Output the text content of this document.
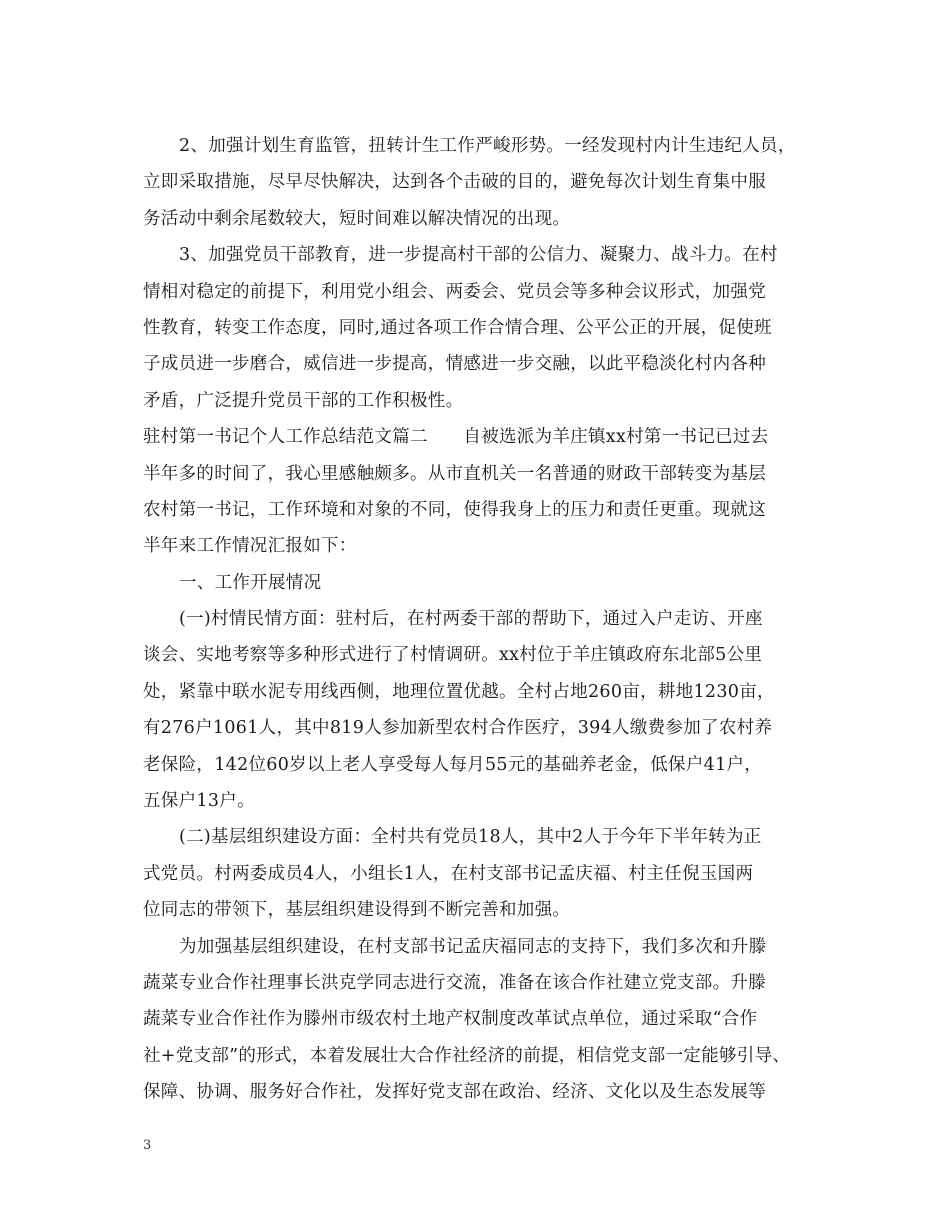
2、加强计划生育监管，扭转计生工作严峻形势。一经发现村内计生违纪人员，
立即采取措施，尽早尽快解决，达到各个击破的目的，避免每次计划生育集中服
务活动中剩余尾数较大，短时间难以解决情况的出现。
3、加强党员干部教育，进一步提高村干部的公信力、凝聚力、战斗力。在村
情相对稳定的前提下，利用党小组会、两委会、党员会等多种会议形式，加强党
性教育，转变工作态度，同时,通过各项工作合情合理、公平公正的开展，促使班
子成员进一步磨合，威信进一步提高，情感进一步交融，以此平稳淡化村内各种
矛盾，广泛提升党员干部的工作积极性。
驻村第一书记个人工作总结范文篇二　　自被选派为羊庄镇xx村第一书记已过去
半年多的时间了，我心里感触颇多。从市直机关一名普通的财政干部转变为基层
农村第一书记，工作环境和对象的不同，使得我身上的压力和责任更重。现就这
半年来工作情况汇报如下：
一、工作开展情况
(一)村情民情方面：驻村后，在村两委干部的帮助下，通过入户走访、开座
谈会、实地考察等多种形式进行了村情调研。xx村位于羊庄镇政府东北部5公里
处，紧靠中联水泥专用线西侧，地理位置优越。全村占地260亩，耕地1230亩，
有276户1061人，其中819人参加新型农村合作医疗，394人缴费参加了农村养
老保险，142位60岁以上老人享受每人每月55元的基础养老金，低保户41户，
五保户13户。
(二)基层组织建设方面：全村共有党员18人，其中2人于今年下半年转为正
式党员。村两委成员4人，小组长1人，在村支部书记孟庆福、村主任倪玉国两
位同志的带领下，基层组织建设得到不断完善和加强。
为加强基层组织建设，在村支部书记孟庆福同志的支持下，我们多次和升滕
蔬菜专业合作社理事长洪克学同志进行交流，准备在该合作社建立党支部。升滕
蔬菜专业合作社作为滕州市级农村土地产权制度改革试点单位，通过采取“合作
社+党支部”的形式，本着发展壮大合作社经济的前提，相信党支部一定能够引导、
保障、协调、服务好合作社，发挥好党支部在政治、经济、文化以及生态发展等
3
